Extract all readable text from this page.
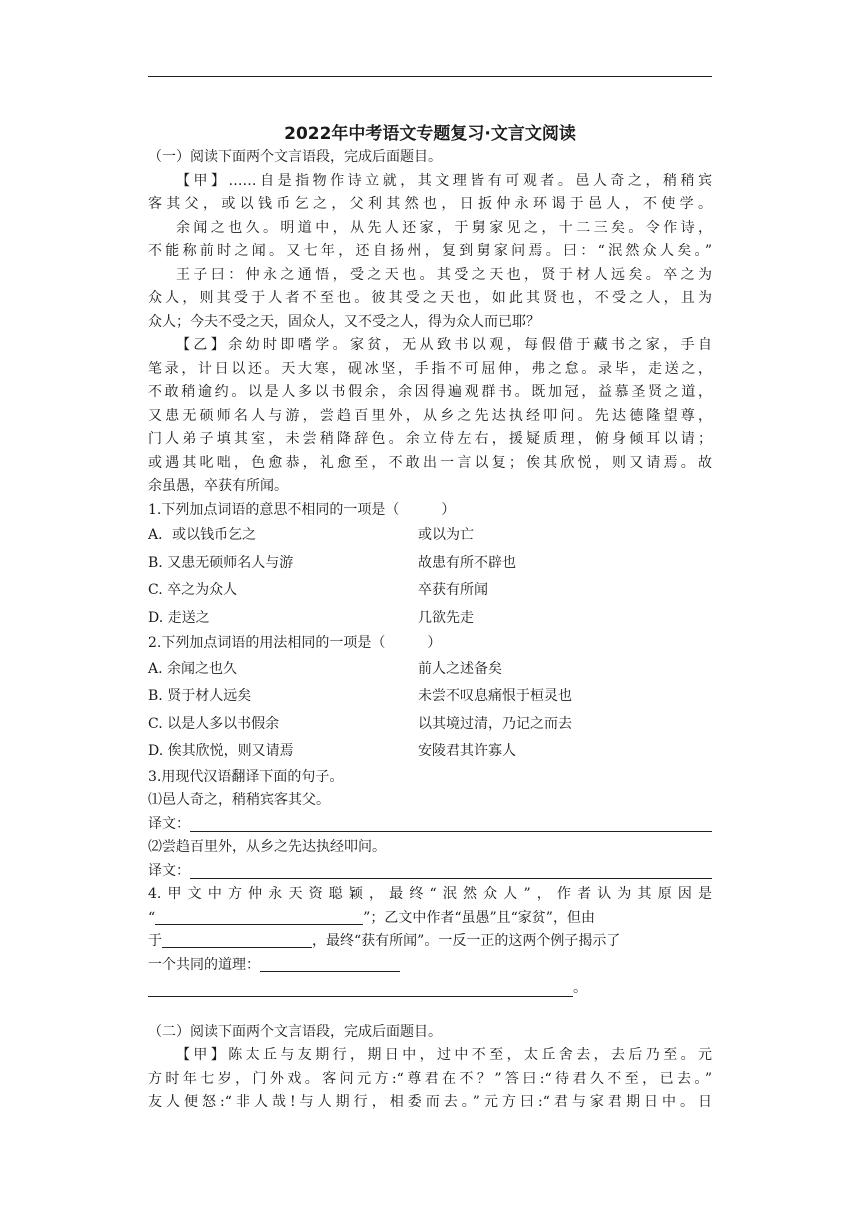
2022年中考语文专题复习·文言文阅读

（一）阅读下面两个文言语段，完成后面题目。

【甲】……自是指物作诗立就，其文理皆有可观者。邑人奇之，稍稍宾

客其父，或以钱币乞之，父利其然也，日扳仲永环谒于邑人，不使学。

余闻之也久。明道中，从先人还家，于舅家见之，十二三矣。令作诗，

不能称前时之闻。又七年，还自扬州，复到舅家问焉。曰：“泯然众人矣。”

王子曰：仲永之通悟，受之天也。其受之天也，贤于材人远矣。卒之为

众人，则其受于人者不至也。彼其受之天也，如此其贤也，不受之人，且为

众人；今夫不受之天，固众人，又不受之人，得为众人而已耶？

【乙】余幼时即嗜学。家贫，无从致书以观，每假借于藏书之家，手自

笔录，计日以还。天大寒，砚冰坚，手指不可屈伸，弗之怠。录毕，走送之，

不敢稍逾约。以是人多以书假余，余因得遍观群书。既加冠，益慕圣贤之道，

又患无硕师名人与游，尝趋百里外，从乡之先达执经叩问。先达德隆望尊，

门人弟子填其室，未尝稍降辞色。余立侍左右，援疑质理，俯身倾耳以请；

或遇其叱咄，色愈恭，礼愈至，不敢出一言以复；俟其欣悦，则又请焉。故

余虽愚，卒获有所闻。

1.下列加点词语的意思不相同的一项是（　　　）

A．或以钱币乞之	或以为亡
B. 又患无硕师名人与游	故患有所不辟也
C. 卒之为众人	卒获有所闻
D. 走送之	几欲先走

2.下列加点词语的用法相同的一项是（　　　）

A. 余闻之也久	前人之述备矣
B. 贤于材人远矣	未尝不叹息痛恨于桓灵也
C. 以是人多以书假余	以其境过清，乃记之而去
D. 俟其欣悦，则又请焉	安陵君其许寡人

3.用现代汉语翻译下面的句子。

⑴邑人奇之，稍稍宾客其父。

译文：

⑵尝趋百里外，从乡之先达执经叩问。

译文：

4.甲文中方仲永天资聪颖，最终“泯然众人”，作者认为其原因是

“	”；乙文中作者“虽愚”且“家贫”，但由

于	，最终“获有所闻”。一反一正的这两个例子揭示了

一个共同的道理：

。

（二）阅读下面两个文言语段，完成后面题目。

【甲】陈太丘与友期行，期日中，过中不至，太丘舍去，去后乃至。元

方时年七岁，门外戏。客问元方:“尊君在不？”答曰:“待君久不至，已去。”

友人便怒:“非人哉!与人期行，相委而去。”元方曰:“君与家君期日中。日
